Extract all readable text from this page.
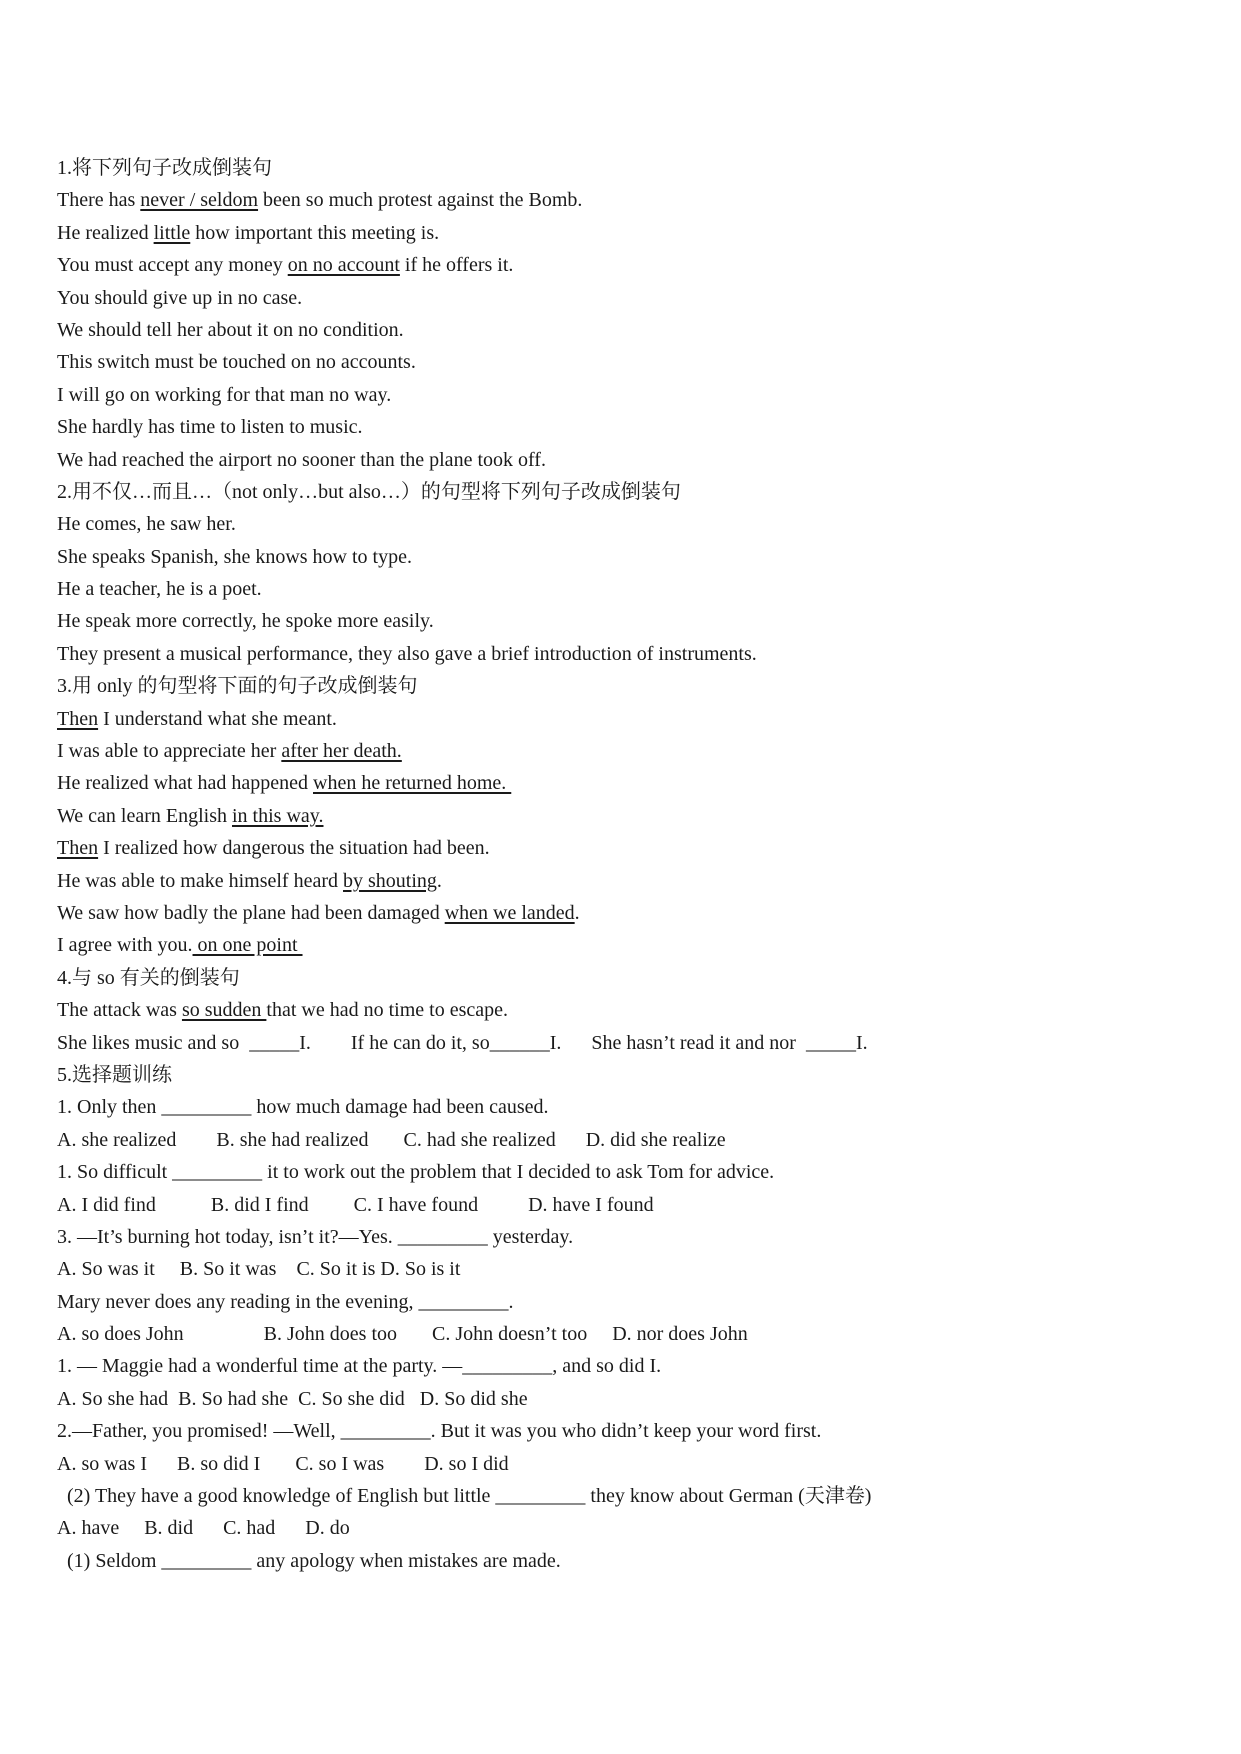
1.将下列句子改成倒装句
There has never / seldom been so much protest against the Bomb.
He realized little how important this meeting is.
You must accept any money on no account if he offers it.
You should give up in no case.
We should tell her about it on no condition.
This switch must be touched on no accounts.
I will go on working for that man no way.
She hardly has time to listen to music.
We had reached the airport no sooner than the plane took off.
2.用不仅…而且…（not only…but also…）的句型将下列句子改成倒装句
He comes, he saw her.
She speaks Spanish, she knows how to type.
He a teacher, he is a poet.
He speak more correctly, he spoke more easily.
They present a musical performance, they also gave a brief introduction of instruments.
3.用 only 的句型将下面的句子改成倒装句
Then I understand what she meant.
I was able to appreciate her after her death.
He realized what had happened when he returned home.
We can learn English in this way.
Then I realized how dangerous the situation had been.
He was able to make himself heard by shouting.
We saw how badly the plane had been damaged when we landed.
I agree with you. on one point
4.与 so 有关的倒装句
The attack was so sudden that we had no time to escape.
She likes music and so  _____I.        If he can do it, so______I.      She hasn’t read it and nor  _____I.
5.选择题训练
1. Only then _________ how much damage had been caused.
A. she realized        B. she had realized       C. had she realized      D. did she realize
1. So difficult _________ it to work out the problem that I decided to ask Tom for advice.
A. I did find           B. did I find         C. I have found          D. have I found
3. —It’s burning hot today, isn’t it?—Yes. _________ yesterday.
A. So was it     B. So it was    C. So it is D. So is it
Mary never does any reading in the evening, _________.
A. so does John                B. John does too       C. John doesn’t too     D. nor does John
1. — Maggie had a wonderful time at the party. —_________, and so did I.
A. So she had  B. So had she  C. So she did   D. So did she
2.—Father, you promised! —Well, _________. But it was you who didn’t keep your word first.
A. so was I      B. so did I       C. so I was        D. so I did
(2) They have a good knowledge of English but little _________ they know about German (天津卷)
A. have     B. did      C. had      D. do
(1) Seldom _________ any apology when mistakes are made.
